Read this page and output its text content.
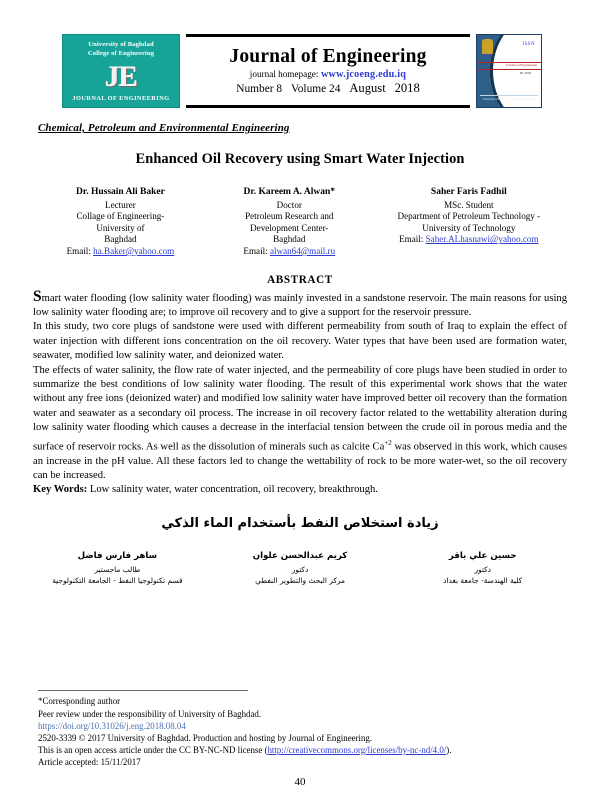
University of Baghdad
College of Engineering
JE
JOURNAL OF ENGINEERING
Journal of Engineering
journal homepage: www.jcoeng.edu.iq
Number 8 Volume 24 August 2018
ISSN
Journal of Engineering
JE 2018
University of Baghdad — College of Engineering
Chemical, Petroleum and Environmental Engineering
Enhanced Oil Recovery using Smart Water Injection
Dr. Hussain Ali Baker
Lecturer
Collage of Engineering-
University of
Baghdad
Email: ha.Baker@yahoo.com
Dr. Kareem A. Alwan*
Doctor
Petroleum Research and
Development Center-
Baghdad
Email: alwan64@mail.ru
Saher Faris Fadhil
MSc. Student
Department of Petroleum Technology -
University of Technology
Email: Saher.ALhasnawi@yahoo.com
ABSTRACT

Smart water flooding (low salinity water flooding) was mainly invested in a sandstone reservoir. The main reasons for using low salinity water flooding are; to improve oil recovery and to give a support for the reservoir pressure.

In this study, two core plugs of sandstone were used with different permeability from south of Iraq to explain the effect of water injection with different ions concentration on the oil recovery. Water types that have been used are formation water, seawater, modified low salinity water, and deionized water.

The effects of water salinity, the flow rate of water injected, and the permeability of core plugs have been studied in order to summarize the best conditions of low salinity water flooding. The result of this experimental work shows that the water without any free ions (deionized water) and modified low salinity water have improved better oil recovery than the formation water and seawater as a secondary oil process. The increase in oil recovery factor related to the wettability alteration during low salinity water flooding which causes a decrease in the interfacial tension between the crude oil in porous media and the surface of reservoir rocks. As well as the dissolution of minerals such as calcite $Ca^{+2}$ was observed in this work, which causes an increase in the pH value. All these factors led to change the wettability of rock to be more water-wet, so the oil recovery can be increased.

Key Words: Low salinity water, water concentration, oil recovery, breakthrough.

زيادة استخلاص النفط بأستخدام الماء الذكي
حسين علي باقر
دكتور
كلية الهندسة- جامعة بغداد
كريم عبدالحسن علوان
دكتور
مركز البحث والتطوير النفطي
ساهر فارس فاضل
طالب ماجستير
قسم تكنولوجيا النفط - الجامعة التكنولوجية
*Corresponding author
Peer review under the responsibility of University of Baghdad.
https://doi.org/10.31026/j.eng.2018.08.04
2520-3339 © 2017 University of Baghdad. Production and hosting by Journal of Engineering.
This is an open access article under the CC BY-NC-ND license (http://creativecommons.org/licenses/by-nc-nd/4.0/).
Article accepted: 15/11/2017
40
